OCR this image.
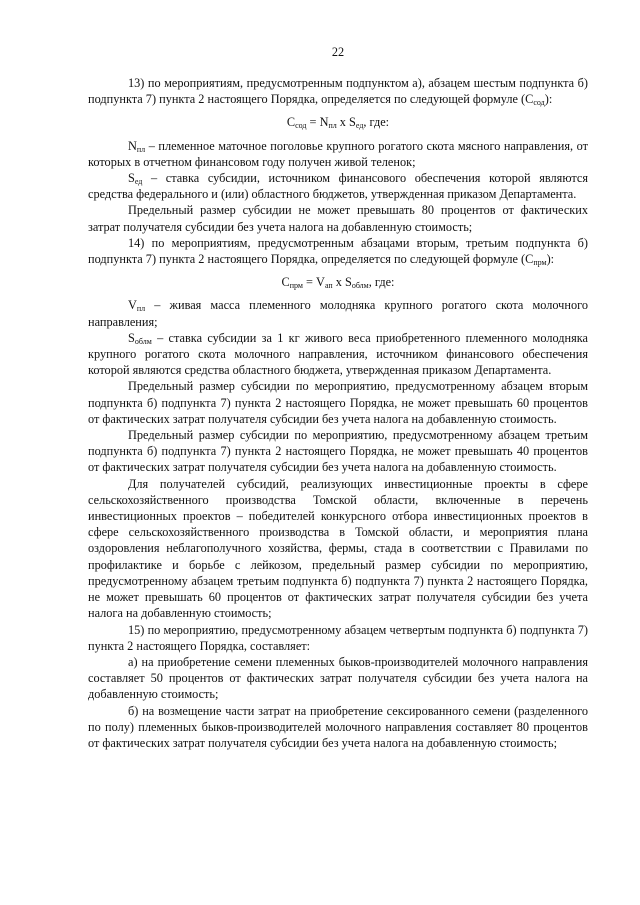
22

13) по мероприятиям, предусмотренным подпунктом а), абзацем шестым подпункта б) подпункта 7) пункта 2 настоящего Порядка, определяется по следующей формуле $(С_{сод})$:

$С_{сод} = N_{пл}$ x $S_{ед}$, где:

$N_{пл}$ – племенное маточное поголовье крупного рогатого скота мясного направления, от которых в отчетном финансовом году получен живой теленок;

$S_{ед}$ – ставка субсидии, источником финансового обеспечения которой являются средства федерального и (или) областного бюджетов, утвержденная приказом Департамента.

Предельный размер субсидии не может превышать 80 процентов от фактических затрат получателя субсидии без учета налога на добавленную стоимость;

14) по мероприятиям, предусмотренным абзацами вторым, третьим подпункта б) подпункта 7) пункта 2 настоящего Порядка, определяется по следующей формуле $(С_{прм})$:

$С_{прм} = V_{ап}$ x $S_{облм}$, где:

$V_{пл}$ – живая масса племенного молодняка крупного рогатого скота молочного направления;

$S_{облм}$ – ставка субсидии за 1 кг живого веса приобретенного племенного молодняка крупного рогатого скота молочного направления, источником финансового обеспечения которой являются средства областного бюджета, утвержденная приказом Департамента.

Предельный размер субсидии по мероприятию, предусмотренному абзацем вторым подпункта б) подпункта 7) пункта 2 настоящего Порядка, не может превышать 60 процентов от фактических затрат получателя субсидии без учета налога на добавленную стоимость.

Предельный размер субсидии по мероприятию, предусмотренному абзацем третьим подпункта б) подпункта 7) пункта 2 настоящего Порядка, не может превышать 40 процентов от фактических затрат получателя субсидии без учета налога на добавленную стоимость.

Для получателей субсидий, реализующих инвестиционные проекты в сфере сельскохозяйственного производства Томской области, включенные в перечень инвестиционных проектов – победителей конкурсного отбора инвестиционных проектов в сфере сельскохозяйственного производства в Томской области, и мероприятия плана оздоровления неблагополучного хозяйства, фермы, стада в соответствии с Правилами по профилактике и борьбе с лейкозом, предельный размер субсидии по мероприятию, предусмотренному абзацем третьим подпункта б) подпункта 7) пункта 2 настоящего Порядка, не может превышать 60 процентов от фактических затрат получателя субсидии без учета налога на добавленную стоимость;

15) по мероприятию, предусмотренному абзацем четвертым подпункта б) подпункта 7) пункта 2 настоящего Порядка, составляет:

а) на приобретение семени племенных быков-производителей молочного направления составляет 50 процентов от фактических затрат получателя субсидии без учета налога на добавленную стоимость;

б) на возмещение части затрат на приобретение сексированного семени (разделенного по полу) племенных быков-производителей молочного направления составляет 80 процентов от фактических затрат получателя субсидии без учета налога на добавленную стоимость;
